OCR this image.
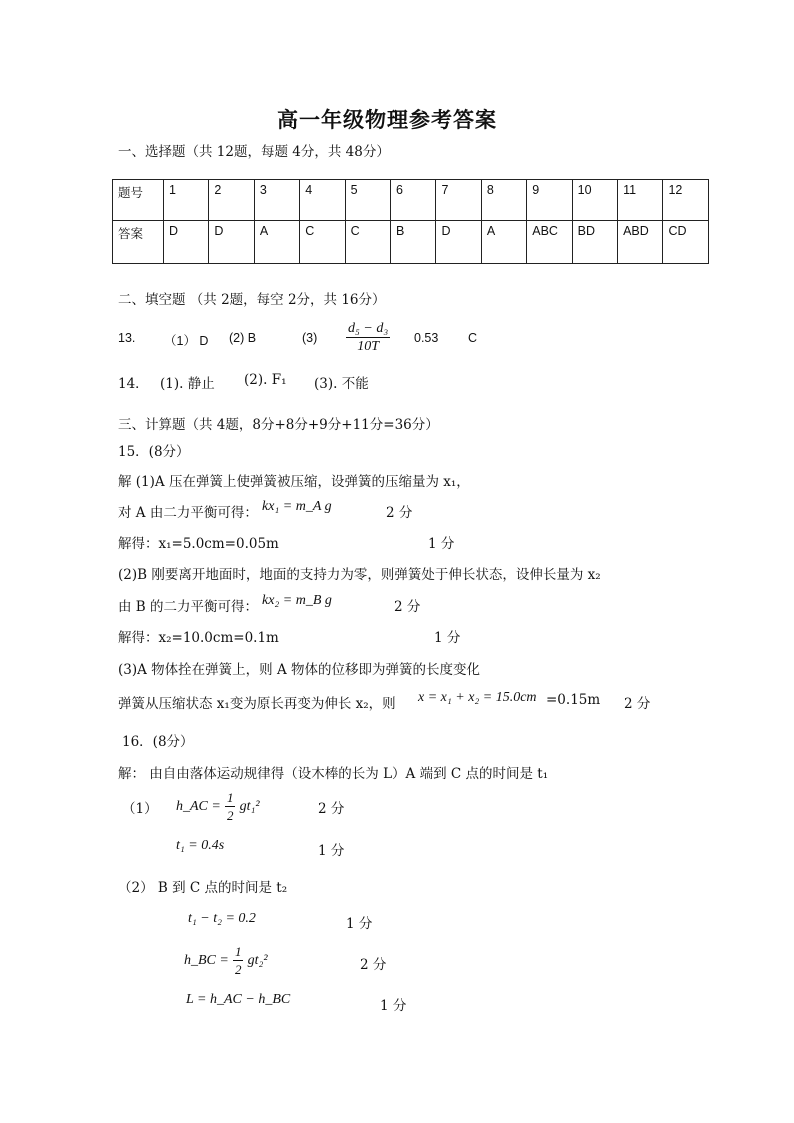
高一年级物理参考答案
一、选择题（共 12题，每题 4分，共 48分）
题号	1	2	3	4	5	6	7	8	9	10	11	12
答案	D	D	A	C	C	B	D	A	ABC	BD	ABD	CD
二、填空题 （共 2题，每空 2分，共 16分）
13. （1） D (2) B	$(3) \frac{\text{d₅ − d₃}}{10T} 0.53$ C
14． (1). 静止 (2). F₁ (3). 不能
三、计算题（共 4题，8分+8分+9分+11分=36分）
15．(8分）
解 (1)A 压在弹簧上使弹簧被压缩，设弹簧的压缩量为 x₁，
对 A 由二力平衡可得： kx₁ = m_A g	2 分
解得：x₁=5.0cm=0.05m	1 分
(2)B 刚要离开地面时，地面的支持力为零，则弹簧处于伸长状态，设伸长量为 x₂
由 B 的二力平衡可得： kx₂ = m_B g	2 分
解得：x₂=10.0cm=0.1m	1 分
(3)A 物体拴在弹簧上，则 A 物体的位移即为弹簧的长度变化
弹簧从压缩状态 x₁变为原长再变为伸长 x₂，则 x = x₁ + x₂ = 15.0cm =0.15m 2 分
16．(8分）
解： 由自由落体运动规律得（设木棒的长为 L）A 端到 C 点的时间是 t₁
（1） h_AC = $\frac{1}{2} gt_1^2$	2 分
t₁ = 0.4s	1 分
（2） B 到 C 点的时间是 t₂
t₁ − t₂ = 0.2	1 分
h_BC = $\frac{1}{2} gt_2^2$	2 分
L = h_AC − h_BC	1 分
